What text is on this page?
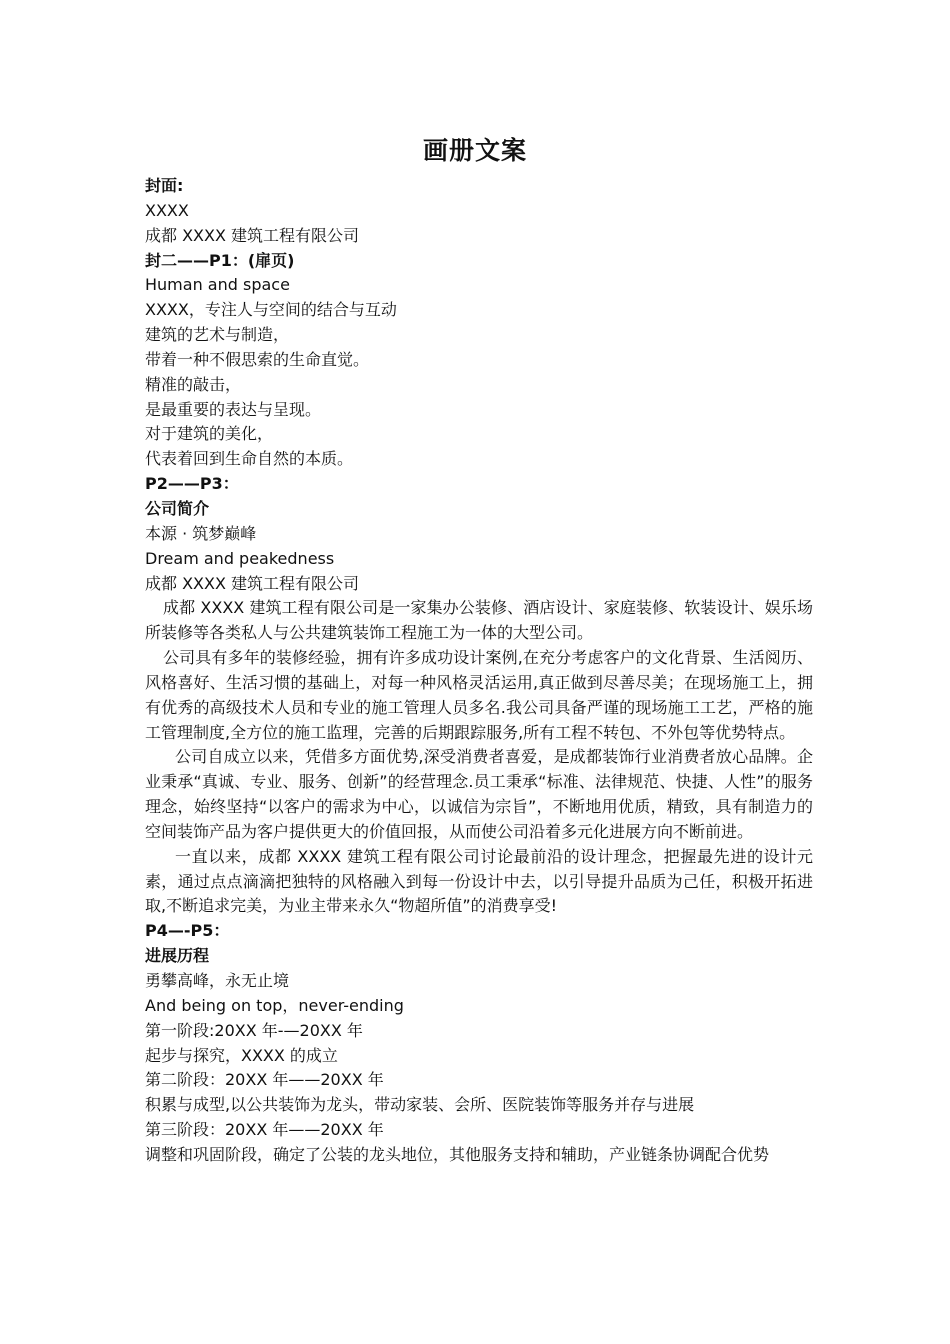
画册文案
封面:
XXXX
成都 XXXX 建筑工程有限公司
封二——P1：(扉页)
Human and space
XXXX，专注人与空间的结合与互动
建筑的艺术与制造，
带着一种不假思索的生命直觉。
精准的敲击，
是最重要的表达与呈现。
对于建筑的美化，
代表着回到生命自然的本质。
P2——P3：
公司简介
本源 · 筑梦巅峰
Dream and peakedness
成都 XXXX 建筑工程有限公司
成都 XXXX 建筑工程有限公司是一家集办公装修、酒店设计、家庭装修、软装设计、娱乐场所装修等各类私人与公共建筑装饰工程施工为一体的大型公司。
公司具有多年的装修经验，拥有许多成功设计案例,在充分考虑客户的文化背景、生活阅历、风格喜好、生活习惯的基础上，对每一种风格灵活运用,真正做到尽善尽美；在现场施工上，拥有优秀的高级技术人员和专业的施工管理人员多名.我公司具备严谨的现场施工工艺，严格的施工管理制度,全方位的施工监理，完善的后期跟踪服务,所有工程不转包、不外包等优势特点。
公司自成立以来，凭借多方面优势,深受消费者喜爱，是成都装饰行业消费者放心品牌。企业秉承“真诚、专业、服务、创新”的经营理念.员工秉承“标准、法律规范、快捷、人性”的服务理念，始终坚持“以客户的需求为中心，以诚信为宗旨”，不断地用优质，精致，具有制造力的空间装饰产品为客户提供更大的价值回报，从而使公司沿着多元化进展方向不断前进。
一直以来，成都 XXXX 建筑工程有限公司讨论最前沿的设计理念，把握最先进的设计元素，通过点点滴滴把独特的风格融入到每一份设计中去，以引导提升品质为己任，积极开拓进取,不断追求完美，为业主带来永久“物超所值”的消费享受!
P4—-P5：
进展历程
勇攀高峰，永无止境
And being on top，never-ending
第一阶段:20XX 年-—20XX 年
起步与探究，XXXX 的成立
第二阶段：20XX 年——20XX 年
积累与成型,以公共装饰为龙头，带动家装、会所、医院装饰等服务并存与进展
第三阶段：20XX 年——20XX 年
调整和巩固阶段，确定了公装的龙头地位，其他服务支持和辅助，产业链条协调配合优势
